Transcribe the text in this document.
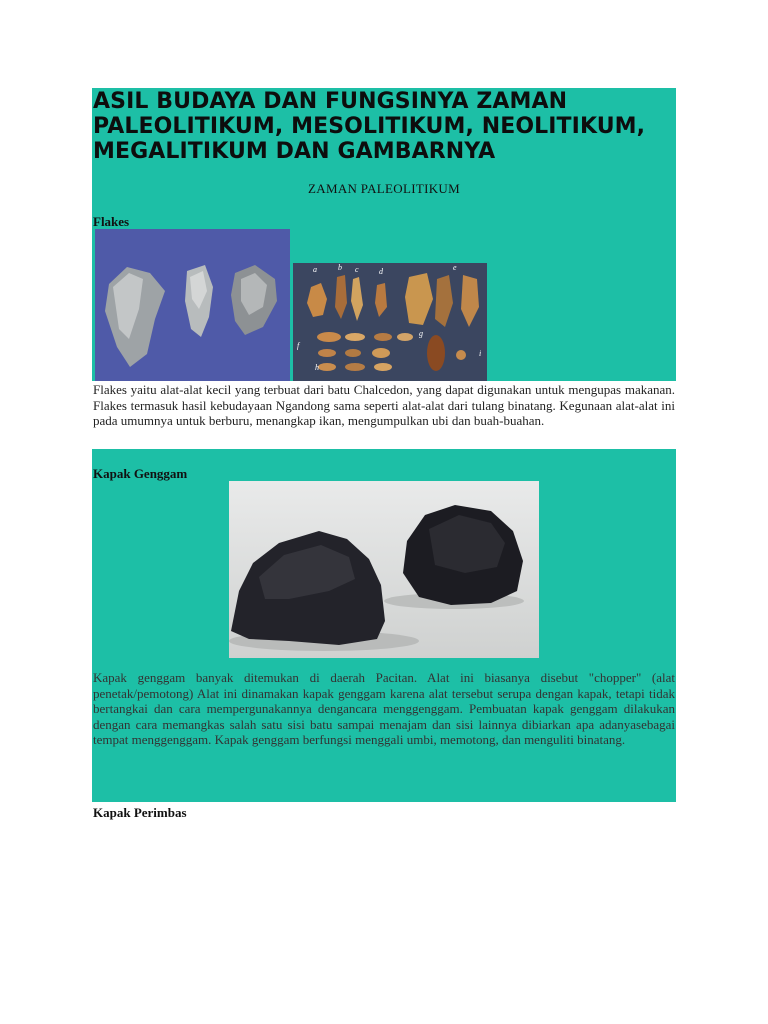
ASIL BUDAYA DAN FUNGSINYA ZAMAN PALEOLITIKUM, MESOLITIKUM, NEOLITIKUM, MEGALITIKUM DAN GAMBARNYA

ZAMAN PALEOLITIKUM

Flakes

a	b c	d	e
f
g
h
i

Flakes yaitu alat-alat kecil yang terbuat dari batu Chalcedon, yang dapat digunakan untuk mengupas makanan. Flakes termasuk hasil kebudayaan Ngandong sama seperti alat-alat dari tulang binatang. Kegunaan alat-alat ini pada umumnya untuk berburu, menangkap ikan, mengumpulkan ubi dan buah-buahan.

Kapak Genggam

Kapak genggam banyak ditemukan di daerah Pacitan. Alat ini biasanya disebut "chopper" (alat penetak/pemotong) Alat ini dinamakan kapak genggam karena alat tersebut serupa dengan kapak, tetapi tidak bertangkai dan cara mempergunakannya dengancara menggenggam. Pembuatan kapak genggam dilakukan dengan cara memangkas salah satu sisi batu sampai menajam dan sisi lainnya dibiarkan apa adanyasebagai tempat menggenggam. Kapak genggam berfungsi menggali umbi, memotong, dan menguliti binatang.

Kapak Perimbas
